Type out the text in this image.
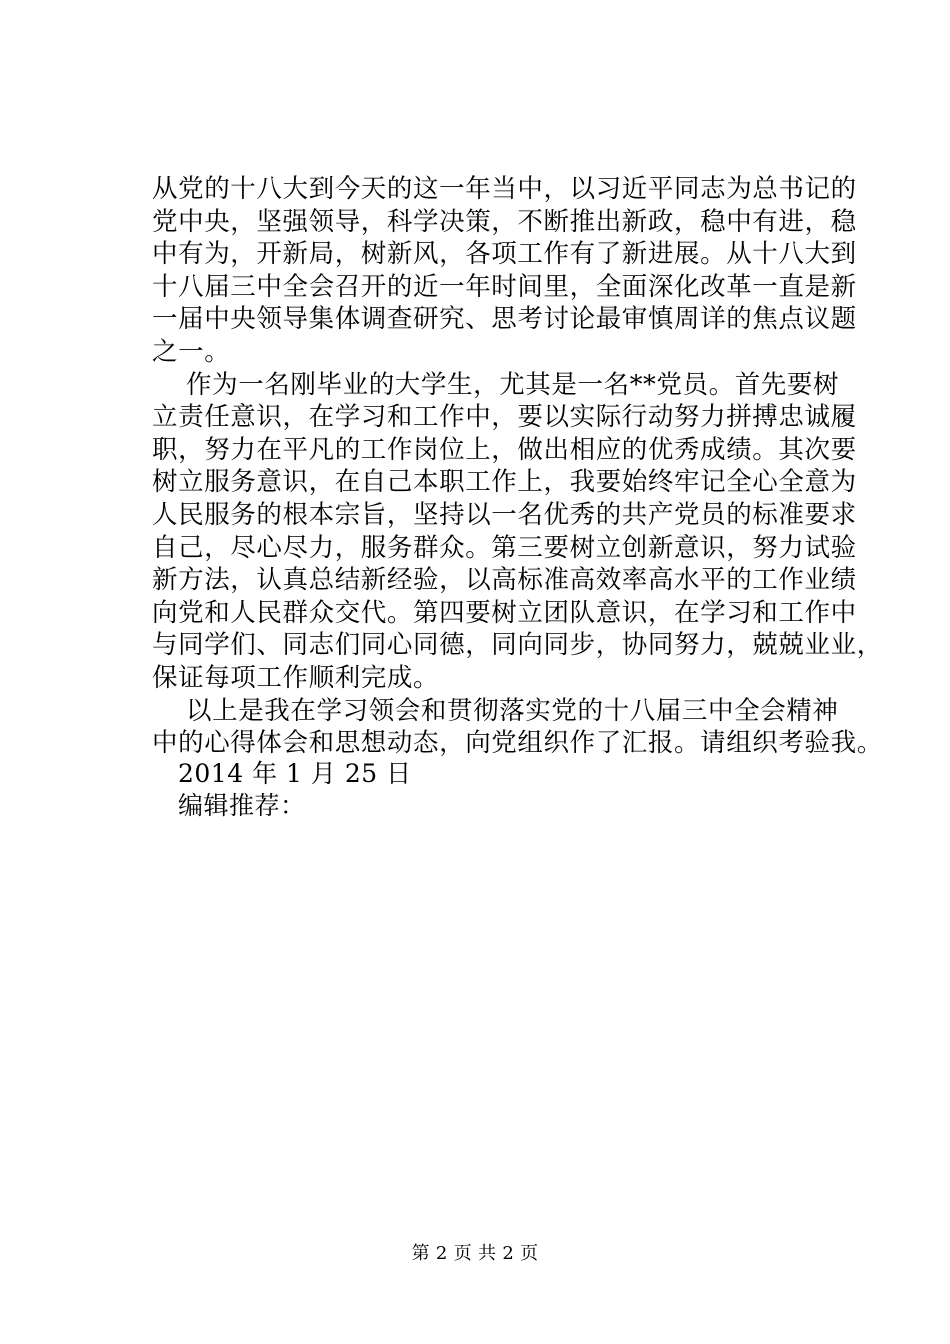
从党的十八大到今天的这一年当中，以习近平同志为总书记的
党中央，坚强领导，科学决策，不断推出新政，稳中有进，稳
中有为，开新局，树新风，各项工作有了新进展。从十八大到
十八届三中全会召开的近一年时间里，全面深化改革一直是新
一届中央领导集体调查研究、思考讨论最审慎周详的焦点议题
之一。
作为一名刚毕业的大学生，尤其是一名**党员。首先要树
立责任意识，在学习和工作中，要以实际行动努力拼搏忠诚履
职，努力在平凡的工作岗位上，做出相应的优秀成绩。其次要
树立服务意识，在自己本职工作上，我要始终牢记全心全意为
人民服务的根本宗旨，坚持以一名优秀的共产党员的标准要求
自己，尽心尽力，服务群众。第三要树立创新意识，努力试验
新方法，认真总结新经验，以高标准高效率高水平的工作业绩
向党和人民群众交代。第四要树立团队意识，在学习和工作中
与同学们、同志们同心同德，同向同步，协同努力，兢兢业业，
保证每项工作顺利完成。
以上是我在学习领会和贯彻落实党的十八届三中全会精神
中的心得体会和思想动态，向党组织作了汇报。请组织考验我。
2014 年 1 月 25 日
编辑推荐：
第 2 页 共 2 页
